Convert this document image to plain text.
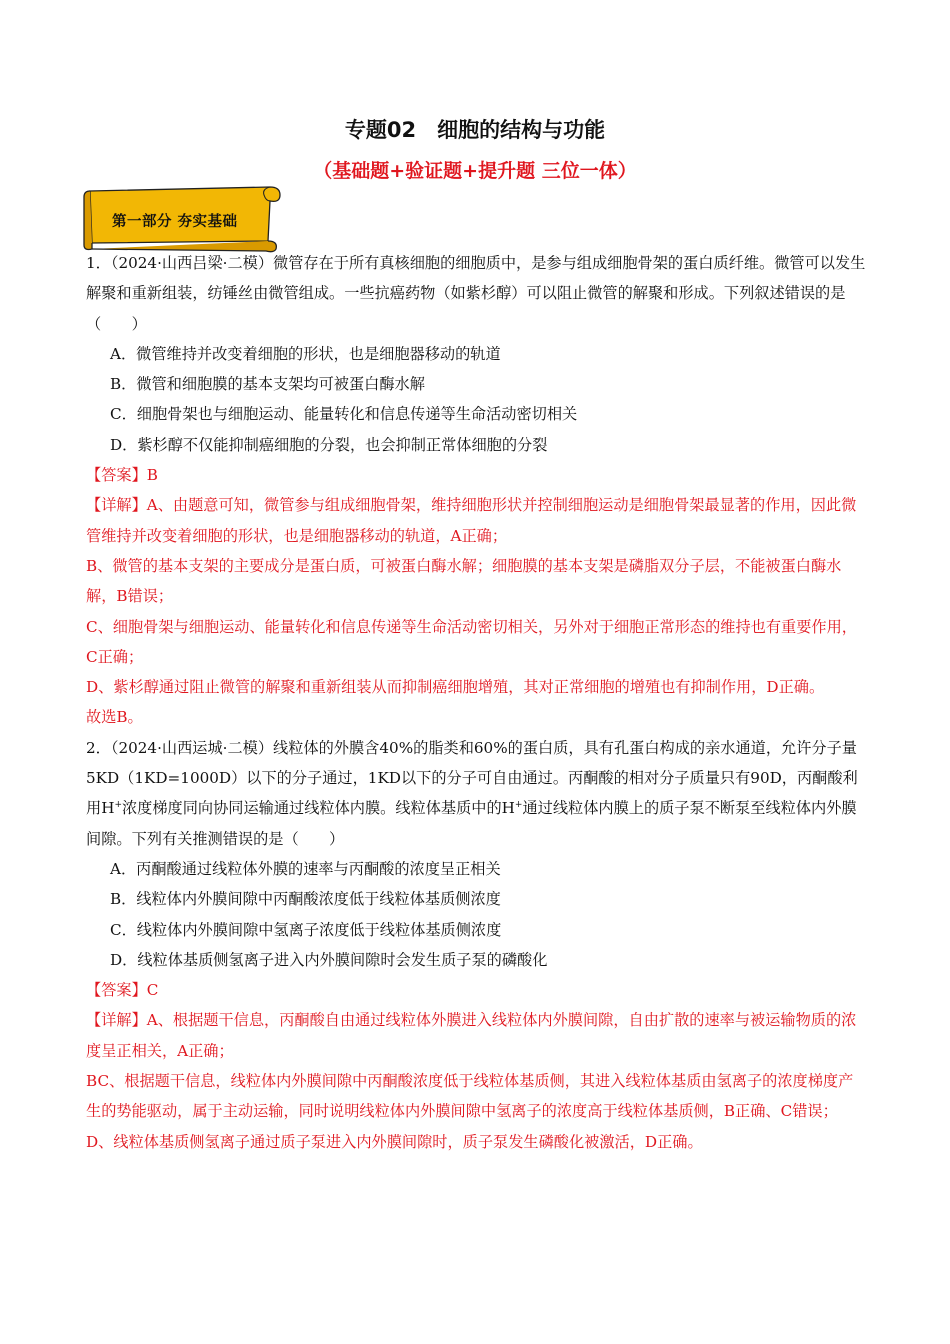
专题02　细胞的结构与功能
（基础题+验证题+提升题 三位一体）
第一部分 夯实基础

1．（2024·山西吕梁·二模）微管存在于所有真核细胞的细胞质中，是参与组成细胞骨架的蛋白质纤维。微管可以发生解聚和重新组装，纺锤丝由微管组成。一些抗癌药物（如紫杉醇）可以阻止微管的解聚和形成。下列叙述错误的是（　　）

A．微管维持并改变着细胞的形状，也是细胞器移动的轨道

B．微管和细胞膜的基本支架均可被蛋白酶水解

C．细胞骨架也与细胞运动、能量转化和信息传递等生命活动密切相关

D．紫杉醇不仅能抑制癌细胞的分裂，也会抑制正常体细胞的分裂

【答案】B

【详解】A、由题意可知，微管参与组成细胞骨架，维持细胞形状并控制细胞运动是细胞骨架最显著的作用，因此微管维持并改变着细胞的形状，也是细胞器移动的轨道，A正确；

B、微管的基本支架的主要成分是蛋白质，可被蛋白酶水解；细胞膜的基本支架是磷脂双分子层，不能被蛋白酶水解，B错误；

C、细胞骨架与细胞运动、能量转化和信息传递等生命活动密切相关，另外对于细胞正常形态的维持也有重要作用，C正确；

D、紫杉醇通过阻止微管的解聚和重新组装从而抑制癌细胞增殖，其对正常细胞的增殖也有抑制作用，D正确。

故选B。

2．（2024·山西运城·二模）线粒体的外膜含40%的脂类和60%的蛋白质，具有孔蛋白构成的亲水通道，允许分子量5KD（1KD=1000D）以下的分子通过，1KD以下的分子可自由通过。丙酮酸的相对分子质量只有90D，丙酮酸利用H+浓度梯度同向协同运输通过线粒体内膜。线粒体基质中的H+通过线粒体内膜上的质子泵不断泵至线粒体内外膜间隙。下列有关推测错误的是（　　）

A．丙酮酸通过线粒体外膜的速率与丙酮酸的浓度呈正相关

B．线粒体内外膜间隙中丙酮酸浓度低于线粒体基质侧浓度

C．线粒体内外膜间隙中氢离子浓度低于线粒体基质侧浓度

D．线粒体基质侧氢离子进入内外膜间隙时会发生质子泵的磷酸化

【答案】C

【详解】A、根据题干信息，丙酮酸自由通过线粒体外膜进入线粒体内外膜间隙，自由扩散的速率与被运输物质的浓度呈正相关，A正确；

BC、根据题干信息，线粒体内外膜间隙中丙酮酸浓度低于线粒体基质侧，其进入线粒体基质由氢离子的浓度梯度产生的势能驱动，属于主动运输，同时说明线粒体内外膜间隙中氢离子的浓度高于线粒体基质侧，B正确、C错误；

D、线粒体基质侧氢离子通过质子泵进入内外膜间隙时，质子泵发生磷酸化被激活，D正确。
